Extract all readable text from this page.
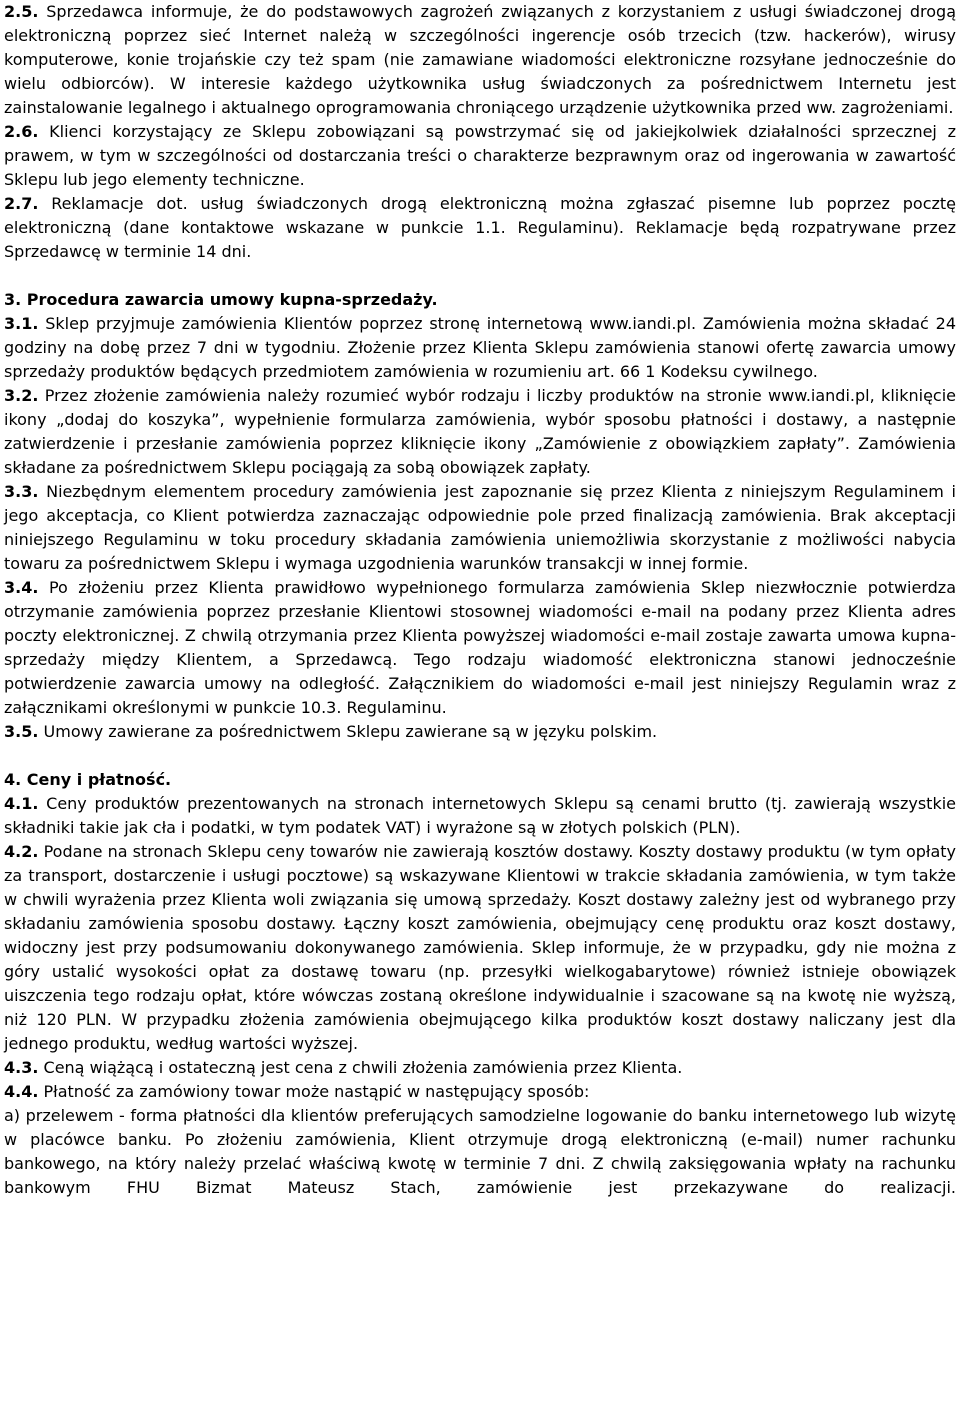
2.5. Sprzedawca informuje, że do podstawowych zagrożeń związanych z korzystaniem z usługi świadczonej drogą elektroniczną poprzez sieć Internet należą w szczególności ingerencje osób trzecich (tzw. hackerów), wirusy komputerowe, konie trojańskie czy też spam (nie zamawiane wiadomości elektroniczne rozsyłane jednocześnie do wielu odbiorców). W interesie każdego użytkownika usług świadczonych za pośrednictwem Internetu jest zainstalowanie legalnego i aktualnego oprogramowania chroniącego urządzenie użytkownika przed ww. zagrożeniami.

2.6. Klienci korzystający ze Sklepu zobowiązani są powstrzymać się od jakiejkolwiek działalności sprzecznej z prawem, w tym w szczególności od dostarczania treści o charakterze bezprawnym oraz od ingerowania w zawartość Sklepu lub jego elementy techniczne.

2.7. Reklamacje dot. usług świadczonych drogą elektroniczną można zgłaszać pisemne lub poprzez pocztę elektroniczną (dane kontaktowe wskazane w punkcie 1.1. Regulaminu). Reklamacje będą rozpatrywane przez Sprzedawcę w terminie 14 dni.

3. Procedura zawarcia umowy kupna-sprzedaży.

3.1. Sklep przyjmuje zamówienia Klientów poprzez stronę internetową www.iandi.pl. Zamówienia można składać 24 godziny na dobę przez 7 dni w tygodniu. Złożenie przez Klienta Sklepu zamówienia stanowi ofertę zawarcia umowy sprzedaży produktów będących przedmiotem zamówienia w rozumieniu art. 66 1 Kodeksu cywilnego.

3.2. Przez złożenie zamówienia należy rozumieć wybór rodzaju i liczby produktów na stronie www.iandi.pl, kliknięcie ikony „dodaj do koszyka”, wypełnienie formularza zamówienia, wybór sposobu płatności i dostawy, a następnie zatwierdzenie i przesłanie zamówienia poprzez kliknięcie ikony „Zamówienie z obowiązkiem zapłaty”. Zamówienia składane za pośrednictwem Sklepu pociągają za sobą obowiązek zapłaty.

3.3. Niezbędnym elementem procedury zamówienia jest zapoznanie się przez Klienta z niniejszym Regulaminem i jego akceptacja, co Klient potwierdza zaznaczając odpowiednie pole przed finalizacją zamówienia. Brak akceptacji niniejszego Regulaminu w toku procedury składania zamówienia uniemożliwia skorzystanie z możliwości nabycia towaru za pośrednictwem Sklepu i wymaga uzgodnienia warunków transakcji w innej formie.

3.4. Po złożeniu przez Klienta prawidłowo wypełnionego formularza zamówienia Sklep niezwłocznie potwierdza otrzymanie zamówienia poprzez przesłanie Klientowi stosownej wiadomości e-mail na podany przez Klienta adres poczty elektronicznej. Z chwilą otrzymania przez Klienta powyższej wiadomości e-mail zostaje zawarta umowa kupna-sprzedaży między Klientem, a Sprzedawcą. Tego rodzaju wiadomość elektroniczna stanowi jednocześnie potwierdzenie zawarcia umowy na odległość. Załącznikiem do wiadomości e-mail jest niniejszy Regulamin wraz z załącznikami określonymi w punkcie 10.3. Regulaminu.

3.5. Umowy zawierane za pośrednictwem Sklepu zawierane są w języku polskim.

4. Ceny i płatność.

4.1. Ceny produktów prezentowanych na stronach internetowych Sklepu są cenami brutto (tj. zawierają wszystkie składniki takie jak cła i podatki, w tym podatek VAT) i wyrażone są w złotych polskich (PLN).

4.2. Podane na stronach Sklepu ceny towarów nie zawierają kosztów dostawy. Koszty dostawy produktu (w tym opłaty za transport, dostarczenie i usługi pocztowe) są wskazywane Klientowi w trakcie składania zamówienia, w tym także w chwili wyrażenia przez Klienta woli związania się umową sprzedaży. Koszt dostawy zależny jest od wybranego przy składaniu zamówienia sposobu dostawy. Łączny koszt zamówienia, obejmujący cenę produktu oraz koszt dostawy, widoczny jest przy podsumowaniu dokonywanego zamówienia. Sklep informuje, że w przypadku, gdy nie można z góry ustalić wysokości opłat za dostawę towaru (np. przesyłki wielkogabarytowe) również istnieje obowiązek uiszczenia tego rodzaju opłat, które wówczas zostaną określone indywidualnie i szacowane są na kwotę nie wyższą, niż 120 PLN. W przypadku złożenia zamówienia obejmującego kilka produktów koszt dostawy naliczany jest dla jednego produktu, według wartości wyższej.

4.3. Ceną wiążącą i ostateczną jest cena z chwili złożenia zamówienia przez Klienta.

4.4. Płatność za zamówiony towar może nastąpić w następujący sposób:

a) przelewem - forma płatności dla klientów preferujących samodzielne logowanie do banku internetowego lub wizytę w placówce banku. Po złożeniu zamówienia, Klient otrzymuje drogą elektroniczną (e-mail) numer rachunku bankowego, na który należy przelać właściwą kwotę w terminie 7 dni. Z chwilą zaksięgowania wpłaty na rachunku bankowym FHU Bizmat Mateusz Stach, zamówienie jest przekazywane do realizacji.
